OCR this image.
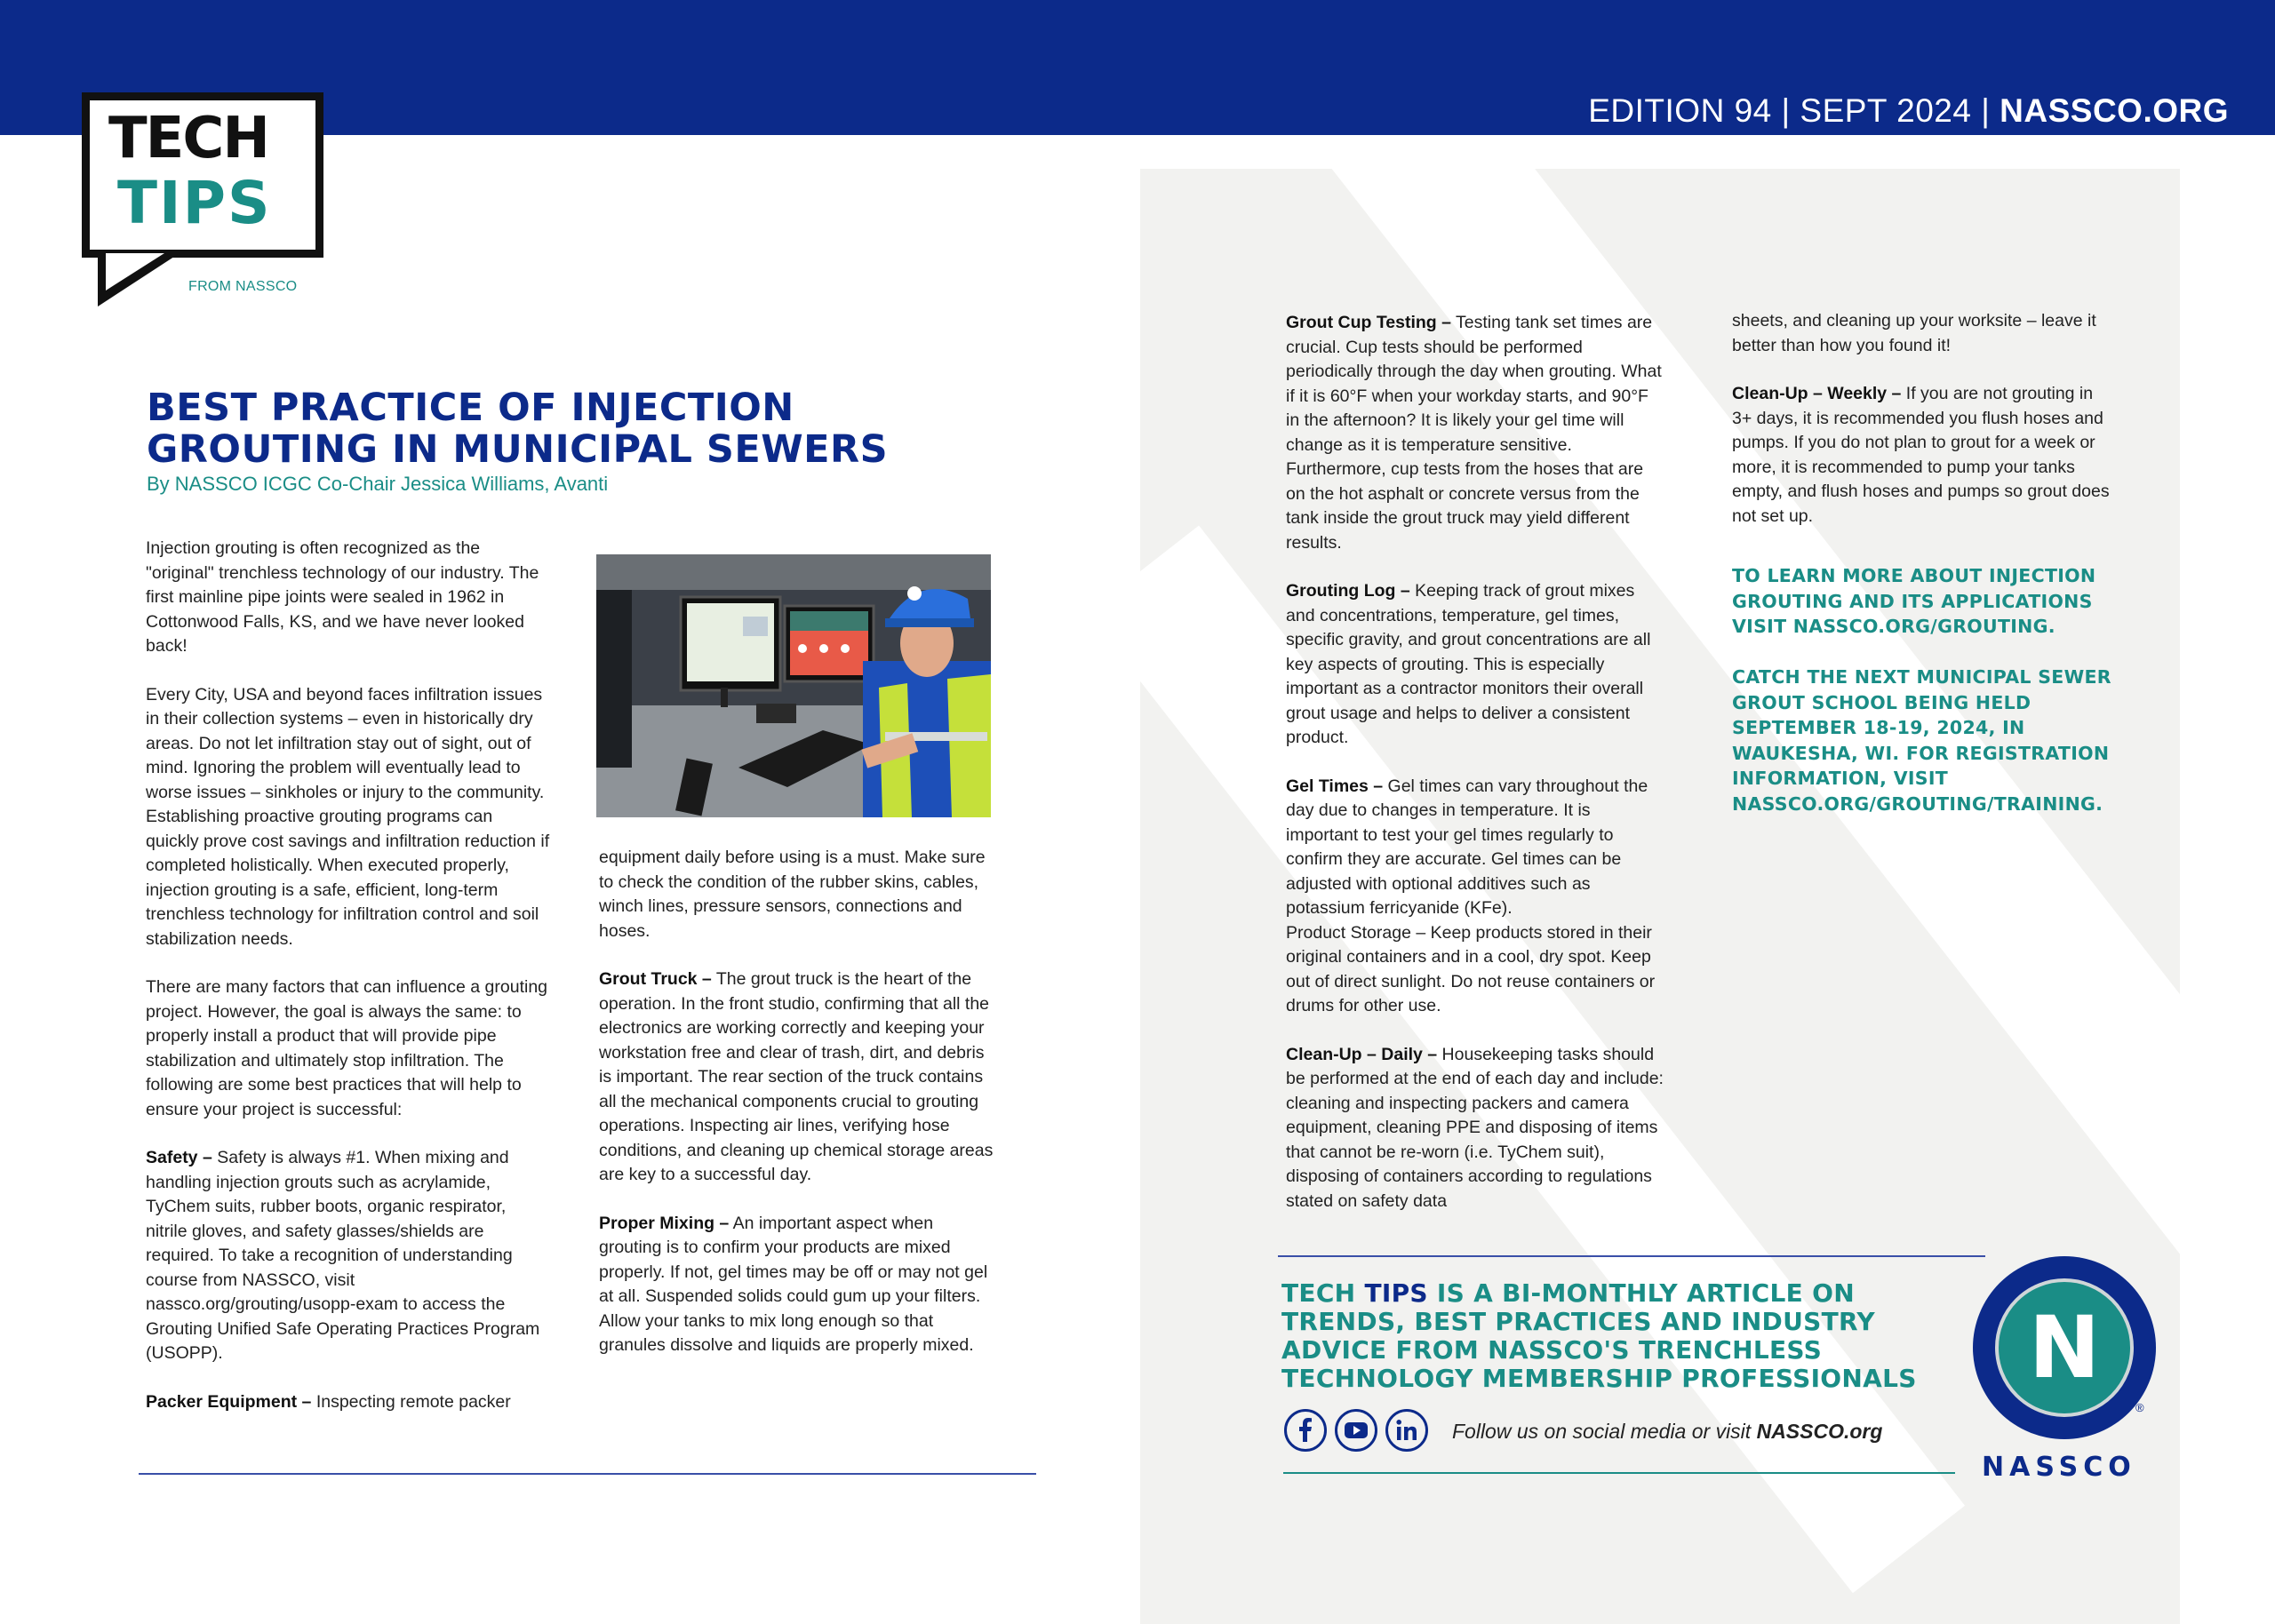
EDITION 94 | SEPT 2024 | NASSCO.ORG
TECH
TIPS
FROM NASSCO
BEST PRACTICE OF INJECTION
GROUTING IN MUNICIPAL SEWERS
By NASSCO ICGC Co-Chair Jessica Williams, Avanti

Injection grouting is often recognized as the "original" trenchless technology of our industry. The first mainline pipe joints were sealed in 1962 in Cottonwood Falls, KS, and we have never looked back!

Every City, USA and beyond faces infiltration issues in their collection systems – even in historically dry areas. Do not let infiltration stay out of sight, out of mind. Ignoring the problem will eventually lead to worse issues – sinkholes or injury to the community. Establishing proactive grouting programs can quickly prove cost savings and infiltration reduction if completed holistically. When executed properly, injection grouting is a safe, efficient, long-term trenchless technology for infiltration control and soil stabilization needs.

There are many factors that can influence a grouting project. However, the goal is always the same: to properly install a product that will provide pipe stabilization and ultimately stop infiltration. The following are some best practices that will help to ensure your project is successful:

Safety – Safety is always #1. When mixing and handling injection grouts such as acrylamide, TyChem suits, rubber boots, organic respirator, nitrile gloves, and safety glasses/shields are required. To take a recognition of understanding course from NASSCO, visit nassco.org/grouting/usopp-exam to access the Grouting Unified Safe Operating Practices Program (USOPP).

Packer Equipment – Inspecting remote packer

equipment daily before using is a must. Make sure to check the condition of the rubber skins, cables, winch lines, pressure sensors, connections and hoses.

Grout Truck – The grout truck is the heart of the operation. In the front studio, confirming that all the electronics are working correctly and keeping your workstation free and clear of trash, dirt, and debris is important. The rear section of the truck contains all the mechanical components crucial to grouting operations. Inspecting air lines, verifying hose conditions, and cleaning up chemical storage areas are key to a successful day.

Proper Mixing – An important aspect when grouting is to confirm your products are mixed properly. If not, gel times may be off or may not gel at all. Suspended solids could gum up your filters. Allow your tanks to mix long enough so that granules dissolve and liquids are properly mixed.

Grout Cup Testing – Testing tank set times are crucial. Cup tests should be performed periodically through the day when grouting. What if it is 60°F when your workday starts, and 90°F in the afternoon? It is likely your gel time will change as it is temperature sensitive. Furthermore, cup tests from the hoses that are on the hot asphalt or concrete versus from the tank inside the grout truck may yield different results.

Grouting Log – Keeping track of grout mixes and concentrations, temperature, gel times, specific gravity, and grout concentrations are all key aspects of grouting. This is especially important as a contractor monitors their overall grout usage and helps to deliver a consistent product.

Gel Times – Gel times can vary throughout the day due to changes in temperature. It is important to test your gel times regularly to confirm they are accurate. Gel times can be adjusted with optional additives such as potassium ferricyanide (KFe).

Product Storage – Keep products stored in their original containers and in a cool, dry spot. Keep out of direct sunlight. Do not reuse containers or drums for other use.

Clean-Up – Daily – Housekeeping tasks should be performed at the end of each day and include: cleaning and inspecting packers and camera equipment, cleaning PPE and disposing of items that cannot be re-worn (i.e. TyChem suit), disposing of containers according to regulations stated on safety data

sheets, and cleaning up your worksite – leave it better than how you found it!

Clean-Up – Weekly – If you are not grouting in 3+ days, it is recommended you flush hoses and pumps. If you do not plan to grout for a week or more, it is recommended to pump your tanks empty, and flush hoses and pumps so grout does not set up.

TO LEARN MORE ABOUT INJECTION GROUTING AND ITS APPLICATIONS VISIT NASSCO.ORG/GROUTING.
CATCH THE NEXT MUNICIPAL SEWER GROUT SCHOOL BEING HELD SEPTEMBER 18-19, 2024, IN WAUKESHA, WI. FOR REGISTRATION INFORMATION, VISIT NASSCO.ORG/GROUTING/TRAINING.
TECH TIPS IS A BI-MONTHLY ARTICLE ON TRENDS, BEST PRACTICES AND INDUSTRY ADVICE FROM NASSCO'S TRENCHLESS TECHNOLOGY MEMBERSHIP PROFESSIONALS
Follow us on social media or visit NASSCO.org
N
®
NASSCO
